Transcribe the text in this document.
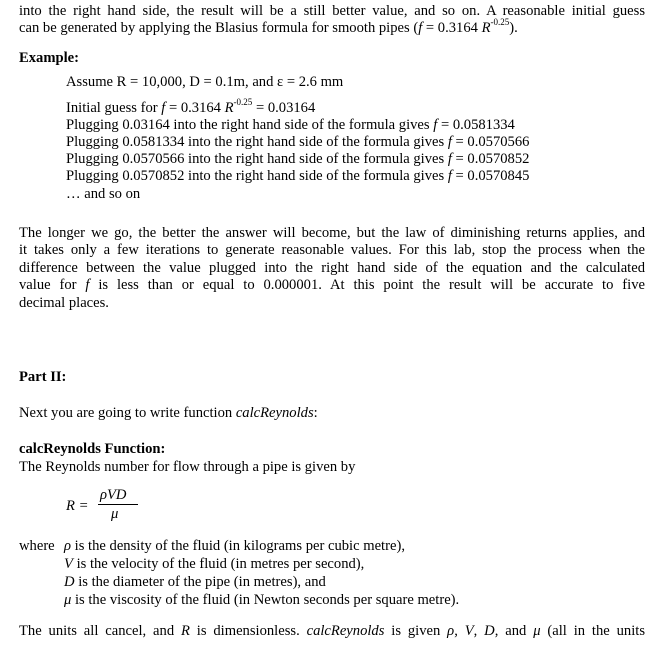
into the right hand side, the result will be a still better value, and so on. A reasonable initial guess
can be generated by applying the Blasius formula for smooth pipes (f = 0.3164 $R^{-0.25}$).
Example:
Assume R = 10,000, D = 0.1m, and ε = 2.6 mm
Initial guess for f = 0.3164 $R^{-0.25} = 0.03164$
Plugging 0.03164 into the right hand side of the formula gives f = 0.0581334
Plugging 0.0581334 into the right hand side of the formula gives f = 0.0570566
Plugging 0.0570566 into the right hand side of the formula gives f = 0.0570852
Plugging 0.0570852 into the right hand side of the formula gives f = 0.0570845
… and so on
The longer we go, the better the answer will become, but the law of diminishing returns applies, and
it takes only a few iterations to generate reasonable values. For this lab, stop the process when the
difference between the value plugged into the right hand side of the equation and the calculated
value for f is less than or equal to 0.000001. At this point the result will be accurate to five
decimal places.
Part II:
Next you are going to write function calcReynolds:
calcReynolds Function:
The Reynolds number for flow through a pipe is given by
R =
ρVD
μ
where ρ is the density of the fluid (in kilograms per cubic metre),
V is the velocity of the fluid (in metres per second),
D is the diameter of the pipe (in metres), and
μ is the viscosity of the fluid (in Newton seconds per square metre).
The units all cancel, and R is dimensionless. calcReynolds is given ρ, V, D, and μ (all in the units
